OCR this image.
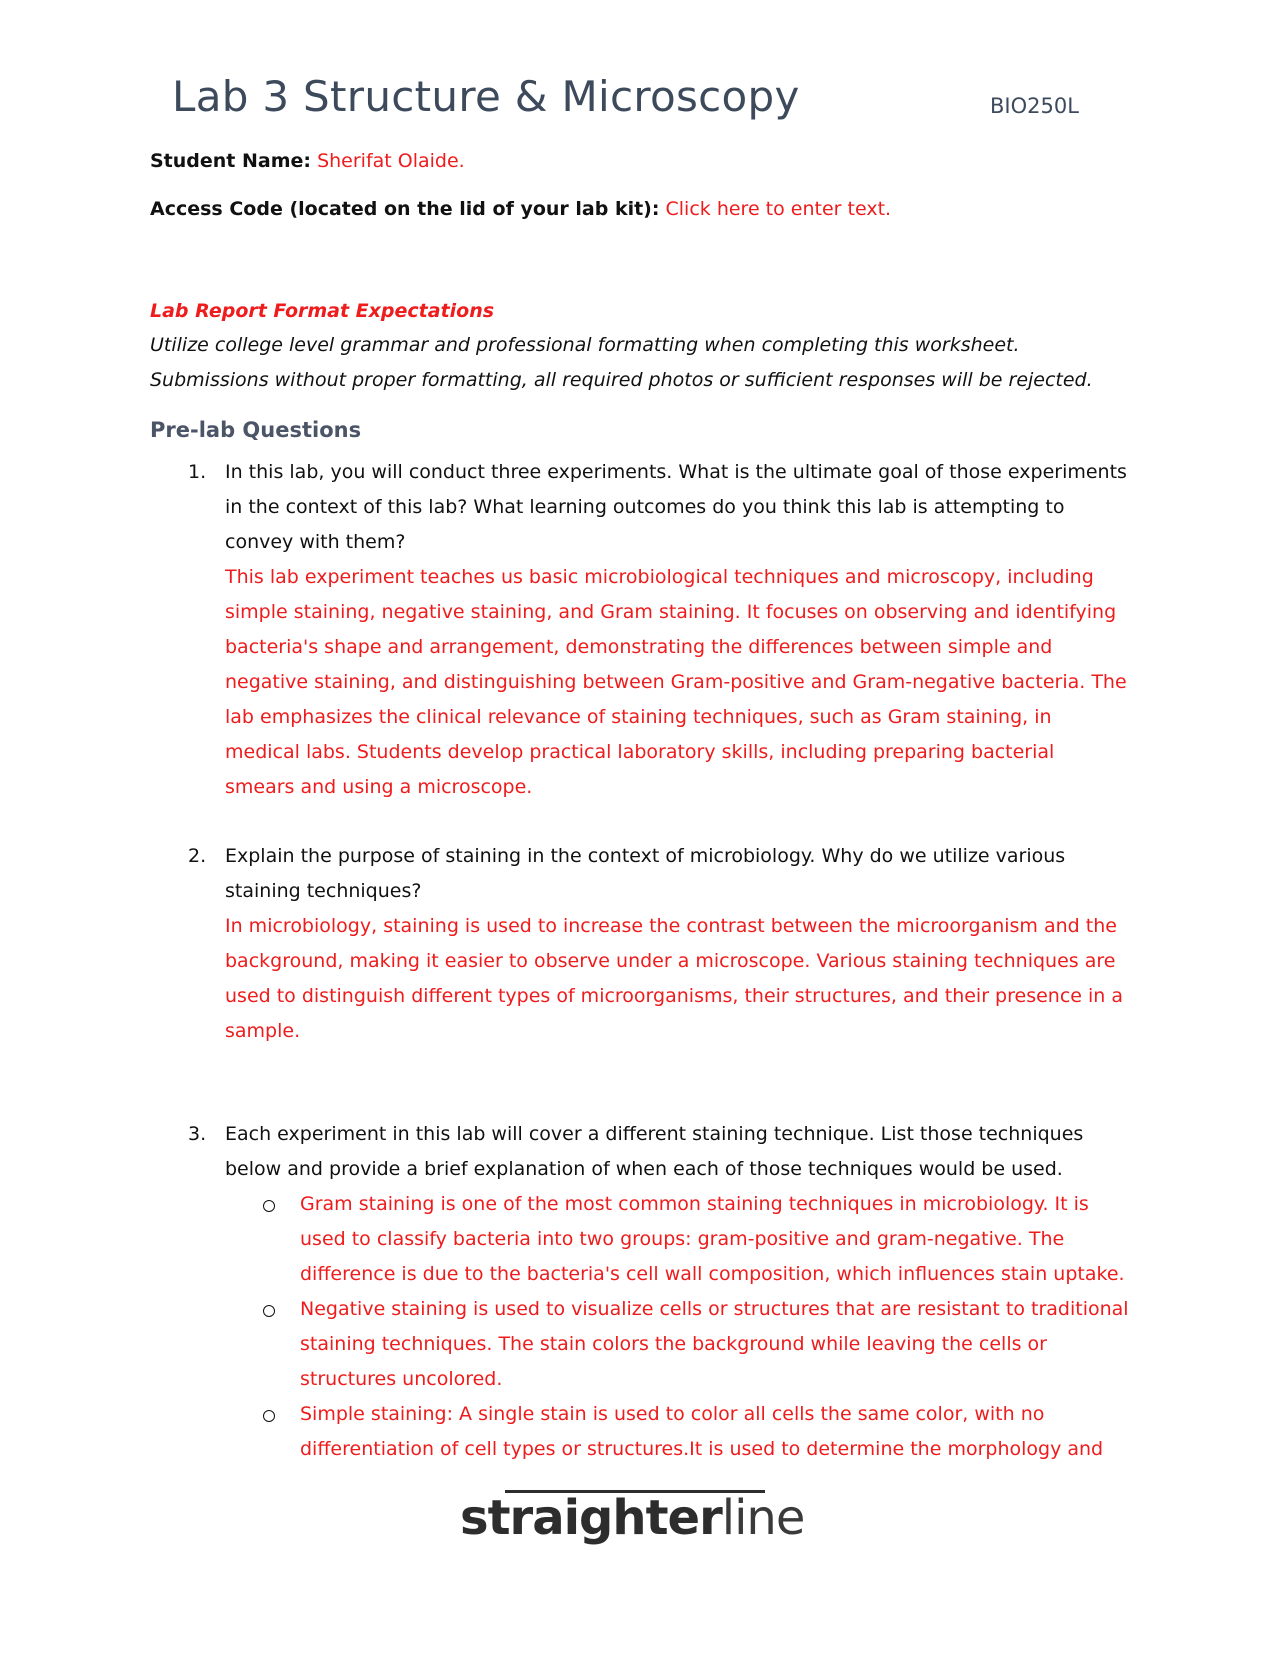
Lab 3 Structure & Microscopy	BIO250L
Student Name: Sherifat Olaide.
Access Code (located on the lid of your lab kit): Click here to enter text.
Lab Report Format Expectations
Utilize college level grammar and professional formatting when completing this worksheet.
Submissions without proper formatting, all required photos or sufficient responses will be rejected.
Pre-lab Questions
1. In this lab, you will conduct three experiments. What is the ultimate goal of those experiments in the context of this lab? What learning outcomes do you think this lab is attempting to convey with them?
This lab experiment teaches us basic microbiological techniques and microscopy, including simple staining, negative staining, and Gram staining. It focuses on observing and identifying bacteria's shape and arrangement, demonstrating the differences between simple and negative staining, and distinguishing between Gram-positive and Gram-negative bacteria. The lab emphasizes the clinical relevance of staining techniques, such as Gram staining, in medical labs. Students develop practical laboratory skills, including preparing bacterial smears and using a microscope.
2. Explain the purpose of staining in the context of microbiology. Why do we utilize various staining techniques?
In microbiology, staining is used to increase the contrast between the microorganism and the background, making it easier to observe under a microscope. Various staining techniques are used to distinguish different types of microorganisms, their structures, and their presence in a sample.
3. Each experiment in this lab will cover a different staining technique. List those techniques below and provide a brief explanation of when each of those techniques would be used.
Gram staining is one of the most common staining techniques in microbiology. It is used to classify bacteria into two groups: gram-positive and gram-negative. The difference is due to the bacteria's cell wall composition, which influences stain uptake.
Negative staining is used to visualize cells or structures that are resistant to traditional staining techniques. The stain colors the background while leaving the cells or structures uncolored.
Simple staining: A single stain is used to color all cells the same color, with no differentiation of cell types or structures.It is used to determine the morphology and
straighterline
